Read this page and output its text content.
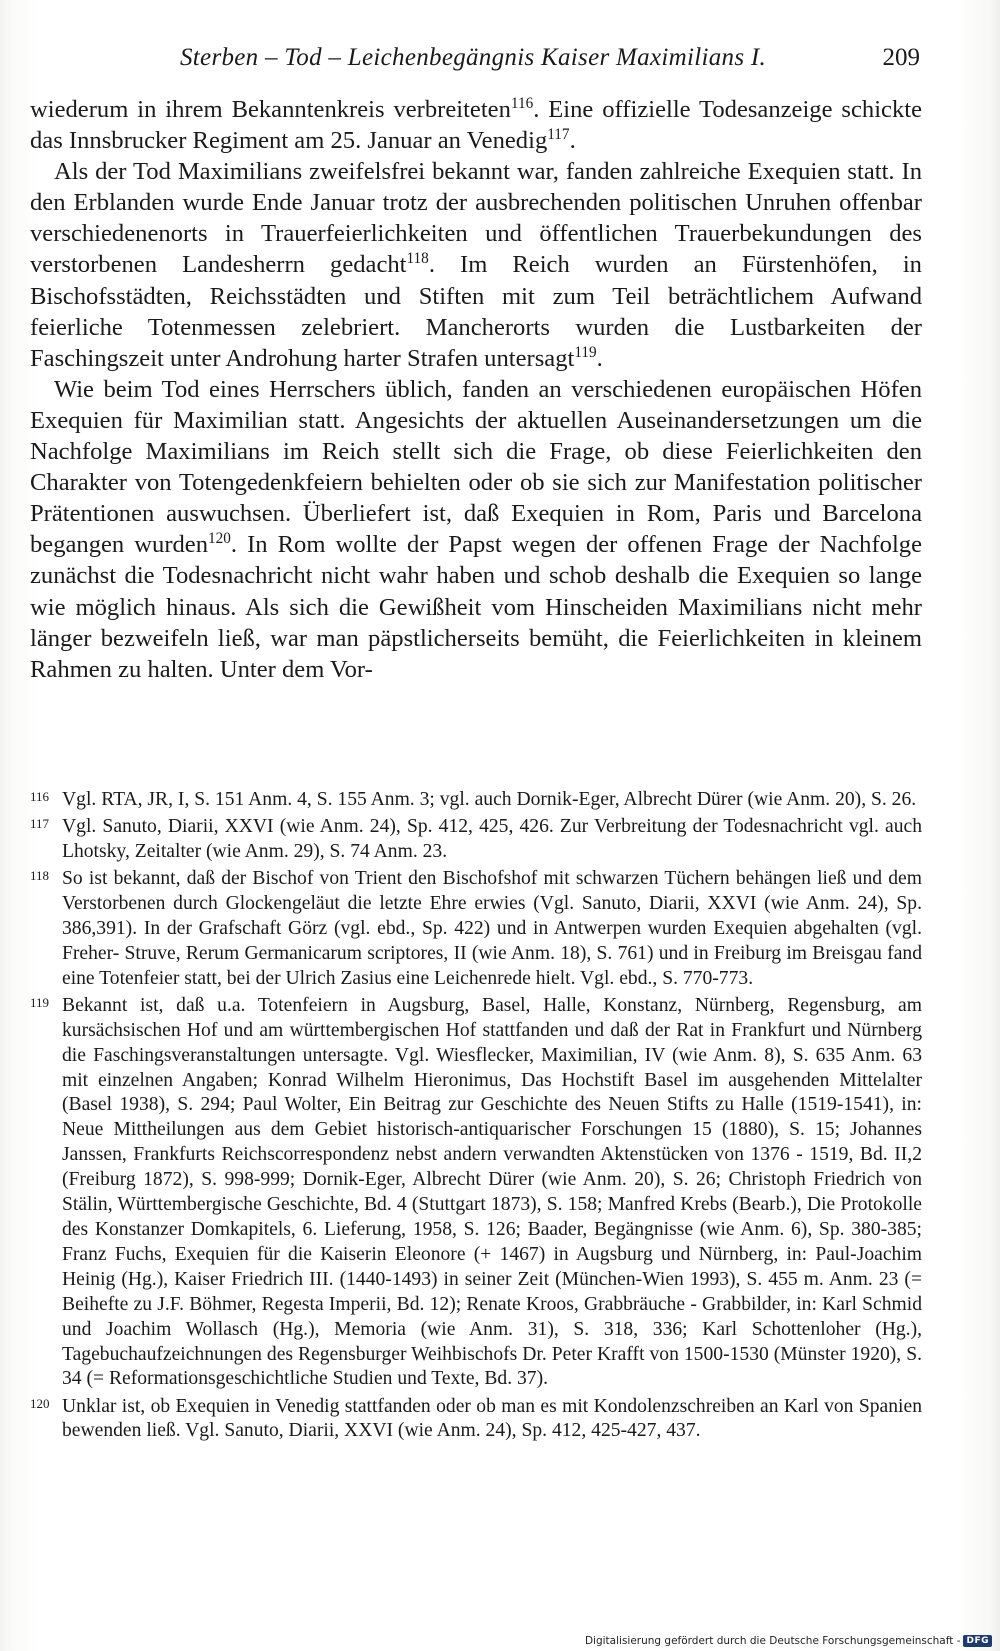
Sterben – Tod – Leichenbegängnis Kaiser Maximilians I.	209

wiederum in ihrem Bekanntenkreis verbreiteten$^{116}$. Eine offizielle Todesanzeige schickte das Innsbrucker Regiment am 25. Januar an Venedig$^{117}$.

Als der Tod Maximilians zweifelsfrei bekannt war, fanden zahlreiche Exequien statt. In den Erblanden wurde Ende Januar trotz der ausbrechenden politischen Unruhen offenbar verschiedenenorts in Trauerfeierlichkeiten und öffentlichen Trauerbekundungen des verstorbenen Landesherrn gedacht$^{118}$. Im Reich wurden an Fürstenhöfen, in Bischofsstädten, Reichsstädten und Stiften mit zum Teil beträchtlichem Aufwand feierliche Totenmessen zelebriert. Mancherorts wurden die Lustbarkeiten der Faschingszeit unter Androhung harter Strafen untersagt$^{119}$.

Wie beim Tod eines Herrschers üblich, fanden an verschiedenen europäischen Höfen Exequien für Maximilian statt. Angesichts der aktuellen Auseinandersetzungen um die Nachfolge Maximilians im Reich stellt sich die Frage, ob diese Feierlichkeiten den Charakter von Totengedenkfeiern behielten oder ob sie sich zur Manifestation politischer Prätentionen auswuchsen. Überliefert ist, daß Exequien in Rom, Paris und Barcelona begangen wurden$^{120}$. In Rom wollte der Papst wegen der offenen Frage der Nachfolge zunächst die Todesnachricht nicht wahr haben und schob deshalb die Exequien so lange wie möglich hinaus. Als sich die Gewißheit vom Hinscheiden Maximilians nicht mehr länger bezweifeln ließ, war man päpstlicherseits bemüht, die Feierlichkeiten in kleinem Rahmen zu halten. Unter dem Vor-

116 Vgl. RTA, JR, I, S. 151 Anm. 4, S. 155 Anm. 3; vgl. auch Dornik-Eger, Albrecht Dürer (wie Anm. 20), S. 26.
117 Vgl. Sanuto, Diarii, XXVI (wie Anm. 24), Sp. 412, 425, 426. Zur Verbreitung der Todesnachricht vgl. auch Lhotsky, Zeitalter (wie Anm. 29), S. 74 Anm. 23.
118 So ist bekannt, daß der Bischof von Trient den Bischofshof mit schwarzen Tüchern behängen ließ und dem Verstorbenen durch Glockengeläut die letzte Ehre erwies (Vgl. Sanuto, Diarii, XXVI (wie Anm. 24), Sp. 386,391). In der Grafschaft Görz (vgl. ebd., Sp. 422) und in Antwerpen wurden Exequien abgehalten (vgl. Freher- Struve, Rerum Germanicarum scriptores, II (wie Anm. 18), S. 761) und in Freiburg im Breisgau fand eine Totenfeier statt, bei der Ulrich Zasius eine Leichenrede hielt. Vgl. ebd., S. 770-773.
119 Bekannt ist, daß u.a. Totenfeiern in Augsburg, Basel, Halle, Konstanz, Nürnberg, Regensburg, am kursächsischen Hof und am württembergischen Hof stattfanden und daß der Rat in Frankfurt und Nürnberg die Faschingsveranstaltungen untersagte. Vgl. Wiesflecker, Maximilian, IV (wie Anm. 8), S. 635 Anm. 63 mit einzelnen Angaben; Konrad Wilhelm Hieronimus, Das Hochstift Basel im ausgehenden Mittelalter (Basel 1938), S. 294; Paul Wolter, Ein Beitrag zur Geschichte des Neuen Stifts zu Halle (1519-1541), in: Neue Mittheilungen aus dem Gebiet historisch-antiquarischer Forschungen 15 (1880), S. 15; Johannes Janssen, Frankfurts Reichscorrespondenz nebst andern verwandten Aktenstücken von 1376 - 1519, Bd. II,2 (Freiburg 1872), S. 998-999; Dornik-Eger, Albrecht Dürer (wie Anm. 20), S. 26; Christoph Friedrich von Stälin, Württembergische Geschichte, Bd. 4 (Stuttgart 1873), S. 158; Manfred Krebs (Bearb.), Die Protokolle des Konstanzer Domkapitels, 6. Lieferung, 1958, S. 126; Baader, Begängnisse (wie Anm. 6), Sp. 380-385; Franz Fuchs, Exequien für die Kaiserin Eleonore (+ 1467) in Augsburg und Nürnberg, in: Paul-Joachim Heinig (Hg.), Kaiser Friedrich III. (1440-1493) in seiner Zeit (München-Wien 1993), S. 455 m. Anm. 23 (= Beihefte zu J.F. Böhmer, Regesta Imperii, Bd. 12); Renate Kroos, Grabbräuche - Grabbilder, in: Karl Schmid und Joachim Wollasch (Hg.), Memoria (wie Anm. 31), S. 318, 336; Karl Schottenloher (Hg.), Tagebuchaufzeichnungen des Regensburger Weihbischofs Dr. Peter Krafft von 1500-1530 (Münster 1920), S. 34 (= Reformationsgeschichtliche Studien und Texte, Bd. 37).
120 Unklar ist, ob Exequien in Venedig stattfanden oder ob man es mit Kondolenzschreiben an Karl von Spanien bewenden ließ. Vgl. Sanuto, Diarii, XXVI (wie Anm. 24), Sp. 412, 425-427, 437.
Digitalisierung gefördert durch die Deutsche Forschungsgemeinschaft - DFG
